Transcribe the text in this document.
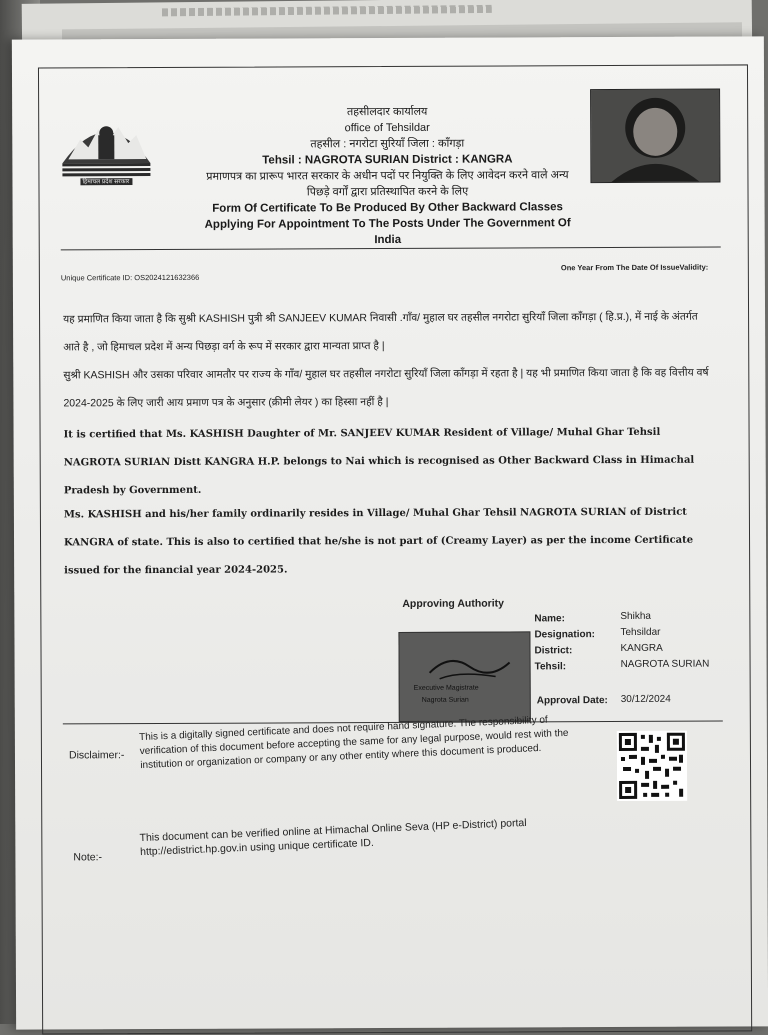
हिमाचल प्रदेश सरकार
तहसीलदार कार्यालय
office of Tehsildar
तहसील : नगरोटा सुरियाँ जिला : काँगड़ा
Tehsil : NAGROTA SURIAN District : KANGRA
प्रमाणपत्र का प्रारूप भारत सरकार के अधीन पदों पर नियुक्ति के लिए आवेदन करने वाले अन्य
पिछड़े वर्गों द्वारा प्रतिस्थापित करने के लिए
Form Of Certificate To Be Produced By Other Backward Classes
Applying For Appointment To The Posts Under The Government Of
India
Unique Certificate ID: OS2024121632366
One Year From The Date Of IssueValidity:
यह प्रमाणित किया जाता है कि सुश्री KASHISH पुत्री श्री SANJEEV KUMAR निवासी .गाँव/ मुहाल घर तहसील नगरोटा सुरियाँ जिला काँगड़ा ( हि.प्र.), में नाई के अंतर्गत आते है , जो हिमाचल प्रदेश में अन्य पिछड़ा वर्ग के रूप में सरकार द्वारा मान्यता प्राप्त है |
सुश्री KASHISH और उसका परिवार आमतौर पर राज्य के गाँव/ मुहाल घर तहसील नगरोटा सुरियाँ जिला काँगड़ा में रहता है | यह भी प्रमाणित किया जाता है कि वह वित्तीय वर्ष 2024-2025 के लिए जारी आय प्रमाण पत्र के अनुसार (क्रीमी लेयर ) का हिस्सा नहीं है |
It is certified that Ms. KASHISH Daughter of Mr. SANJEEV KUMAR Resident of Village/ Muhal Ghar Tehsil NAGROTA SURIAN Distt KANGRA H.P. belongs to Nai which is recognised as Other Backward Class in Himachal Pradesh by Government.
Ms. KASHISH and his/her family ordinarily resides in Village/ Muhal Ghar Tehsil NAGROTA SURIAN of District KANGRA of state. This is also to certified that he/she is not part of (Creamy Layer) as per the income Certificate issued for the financial year 2024-2025.
Approving Authority
Name:	Shikha
Designation:	Tehsildar
District:	KANGRA
Tehsil:	NAGROTA SURIAN
Approval Date: 30/12/2024
Executive Magistrate
Nagrota Surian
Disclaimer:-
This is a digitally signed certificate and does not require hand signature. The responsibility of verification of this document before accepting the same for any legal purpose, would rest with the institution or organization or company or any other entity where this document is produced.
Note:-
This document can be verified online at Himachal Online Seva (HP e-District) portal http://edistrict.hp.gov.in using unique certificate ID.
